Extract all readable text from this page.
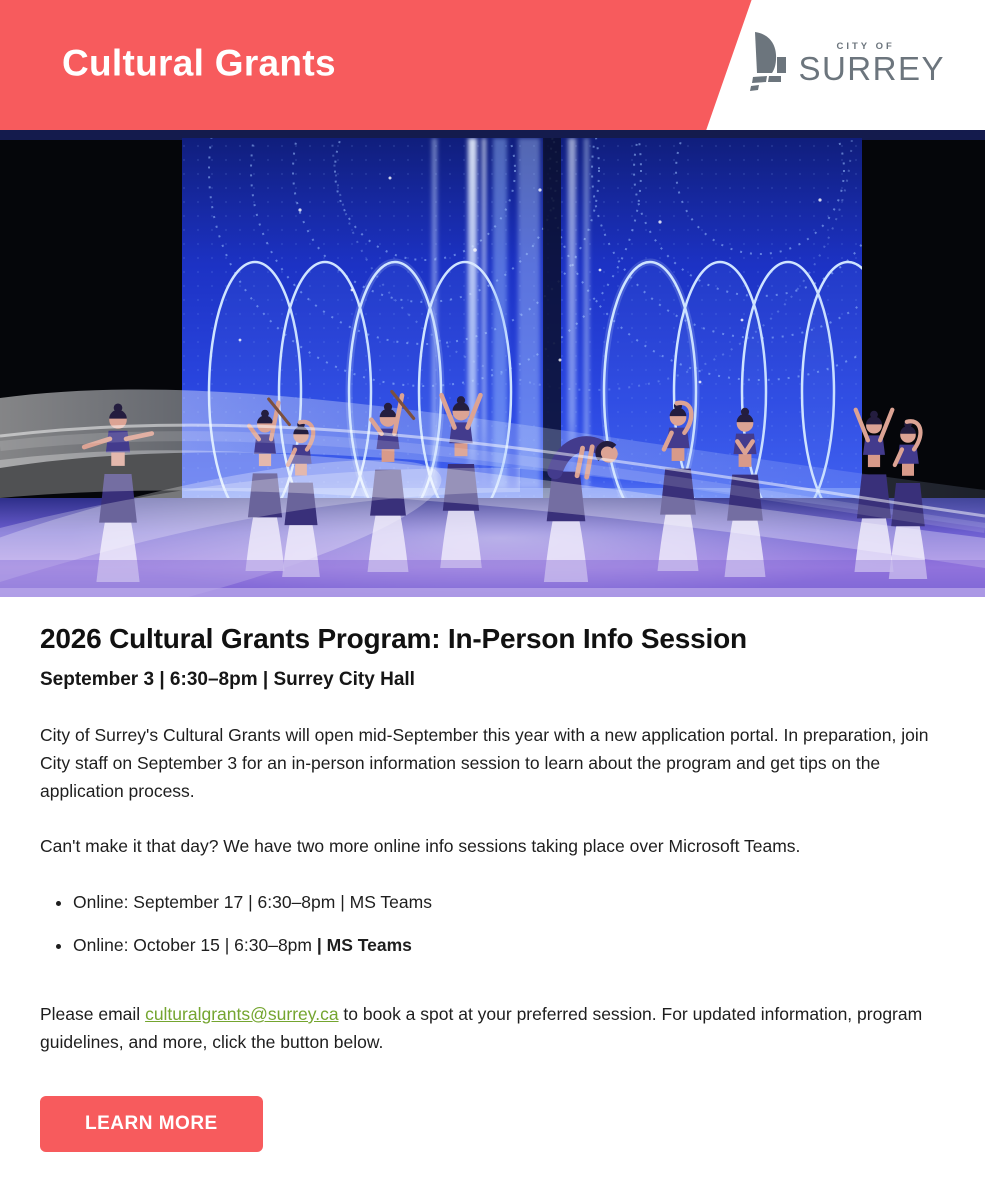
Cultural Grants	CITY OF
SURREY
2026 Cultural Grants Program: In-Person Info Session

September 3 | 6:30–8pm | Surrey City Hall

City of Surrey's Cultural Grants will open mid-September this year with a new application portal. In preparation, join City staff on September 3 for an in-person information session to learn about the program and get tips on the application process.

Can't make it that day? We have two more online info sessions taking place over Microsoft Teams.

• Online: September 17 | 6:30–8pm | MS Teams
• Online: October 15 | 6:30–8pm | MS Teams

Please email culturalgrants@surrey.ca to book a spot at your preferred session. For updated information, program guidelines, and more, click the button below.

LEARN MORE
